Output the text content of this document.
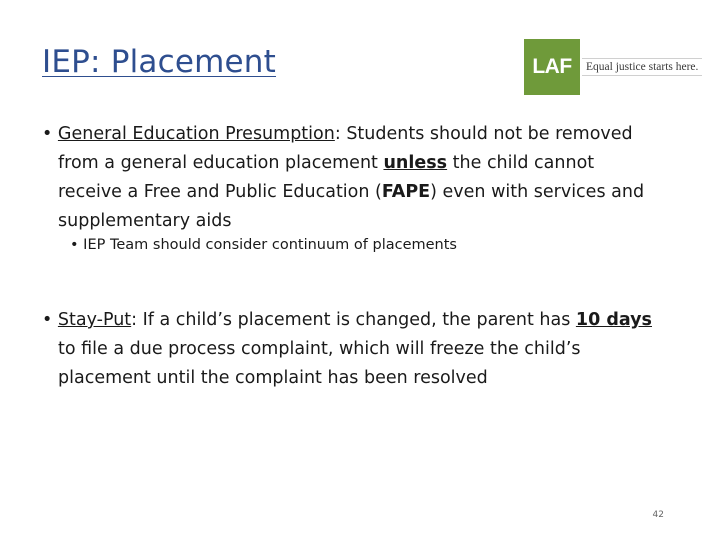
IEP: Placement	LAF	Equal justice starts here.
• General Education Presumption: Students should not be removed from a general education placement unless the child cannot receive a Free and Public Education (FAPE) even with services and supplementary aids
• IEP Team should consider continuum of placements
• Stay-Put: If a child’s placement is changed, the parent has 10 days to file a due process complaint, which will freeze the child’s placement until the complaint has been resolved
42
